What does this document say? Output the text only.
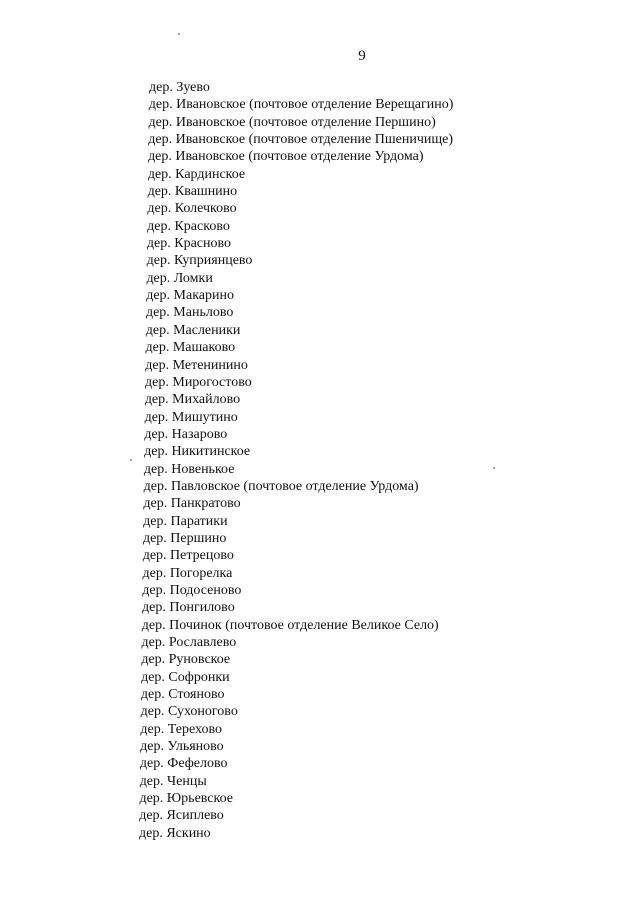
9
дер. Зуево
дер. Ивановское (почтовое отделение Верещагино)
дер. Ивановское (почтовое отделение Першино)
дер. Ивановское (почтовое отделение Пшеничище)
дер. Ивановское (почтовое отделение Урдома)
дер. Кардинское
дер. Квашнино
дер. Колечково
дер. Красково
дер. Красново
дер. Куприянцево
дер. Ломки
дер. Макарино
дер. Маньлово
дер. Масленики
дер. Машаково
дер. Метенинино
дер. Мирогостово
дер. Михайлово
дер. Мишутино
дер. Назарово
дер. Никитинское
дер. Новенькое
дер. Павловское (почтовое отделение Урдома)
дер. Панкратово
дер. Паратики
дер. Першино
дер. Петрецово
дер. Погорелка
дер. Подосеново
дер. Понгилово
дер. Починок (почтовое отделение Великое Село)
дер. Рославлево
дер. Руновское
дер. Софронки
дер. Стояново
дер. Сухоногово
дер. Терехово
дер. Ульяново
дер. Фефелово
дер. Ченцы
дер. Юрьевское
дер. Ясиплево
дер. Яскино
